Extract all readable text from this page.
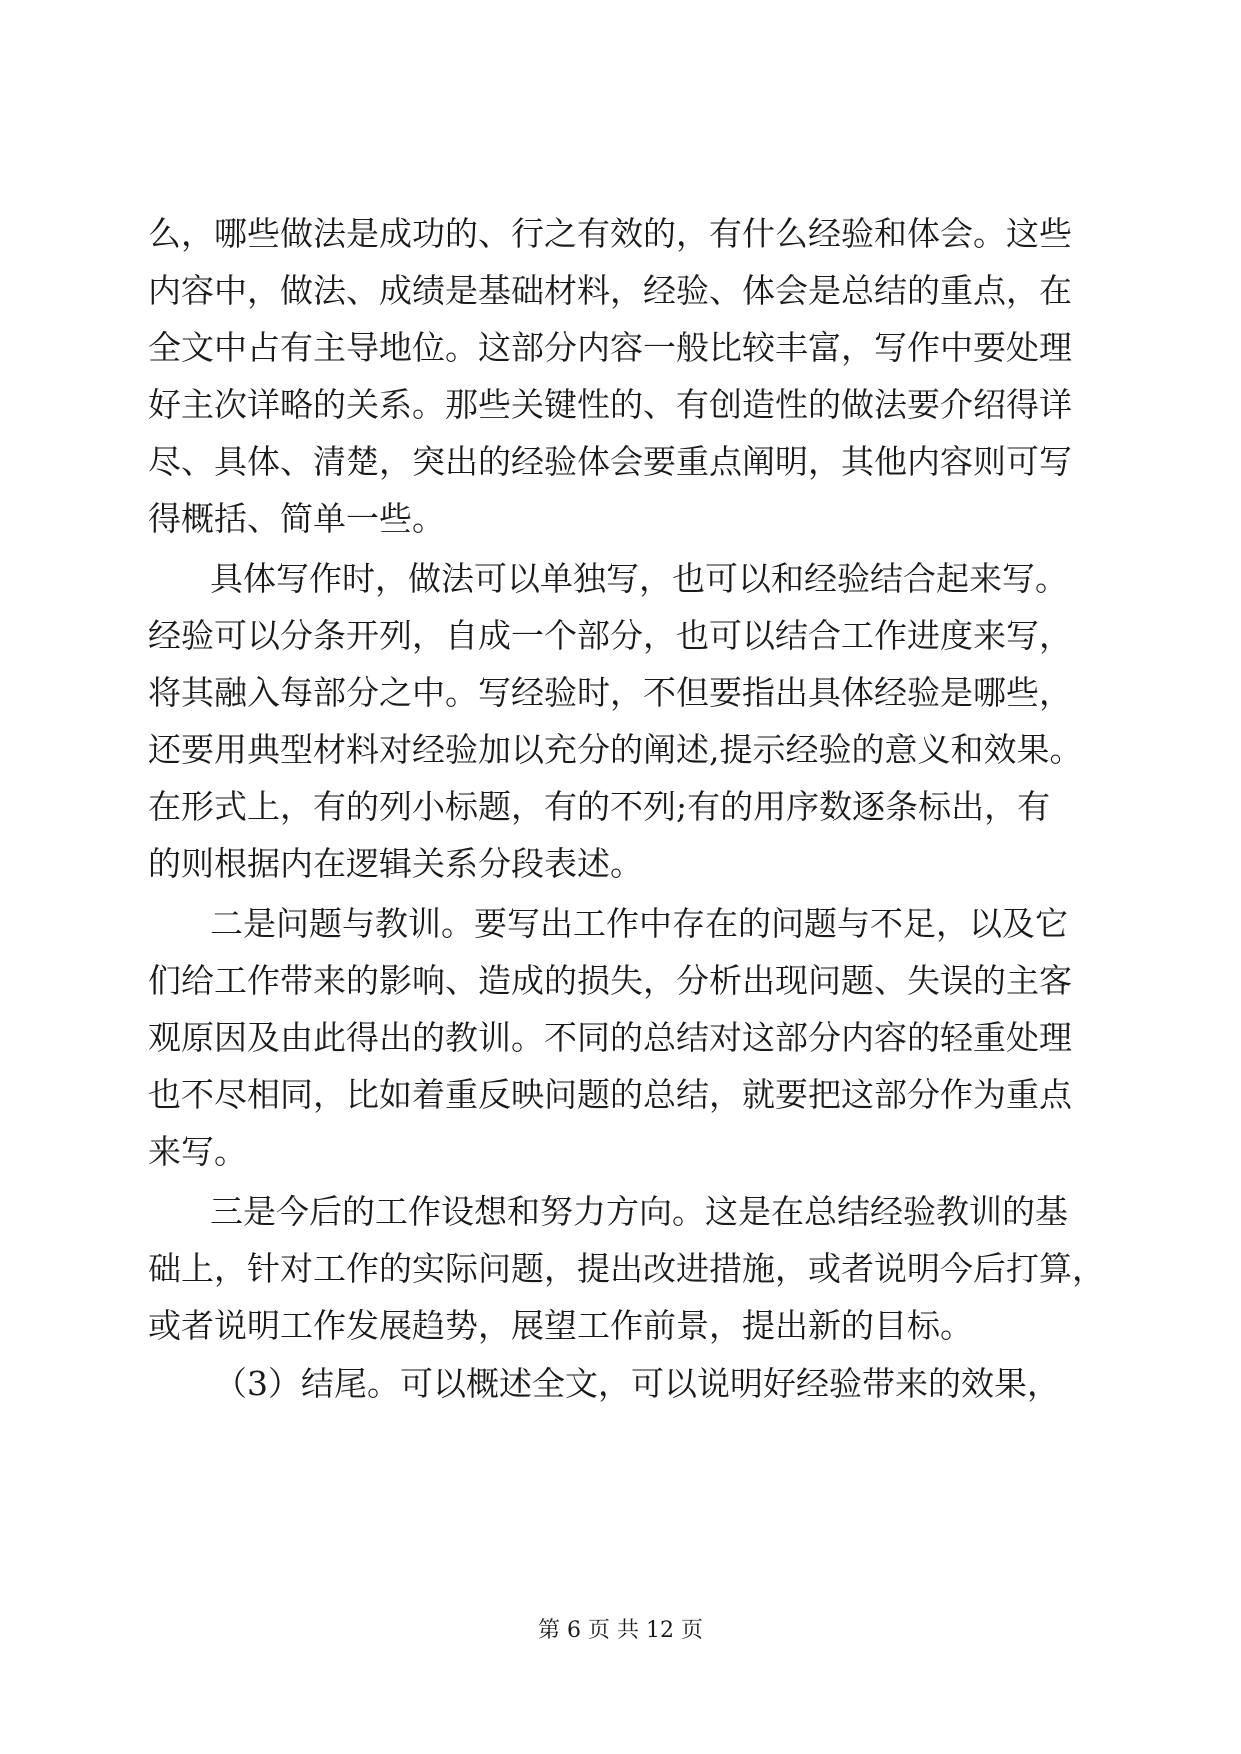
么，哪些做法是成功的、行之有效的，有什么经验和体会。这些
内容中，做法、成绩是基础材料，经验、体会是总结的重点，在
全文中占有主导地位。这部分内容一般比较丰富，写作中要处理
好主次详略的关系。那些关键性的、有创造性的做法要介绍得详
尽、具体、清楚，突出的经验体会要重点阐明，其他内容则可写
得概括、简单一些。
具体写作时，做法可以单独写，也可以和经验结合起来写。
经验可以分条开列，自成一个部分，也可以结合工作进度来写，
将其融入每部分之中。写经验时，不但要指出具体经验是哪些，
还要用典型材料对经验加以充分的阐述,提示经验的意义和效果。
在形式上，有的列小标题，有的不列;有的用序数逐条标出，有
的则根据内在逻辑关系分段表述。
二是问题与教训。要写出工作中存在的问题与不足，以及它
们给工作带来的影响、造成的损失，分析出现问题、失误的主客
观原因及由此得出的教训。不同的总结对这部分内容的轻重处理
也不尽相同，比如着重反映问题的总结，就要把这部分作为重点
来写。
三是今后的工作设想和努力方向。这是在总结经验教训的基
础上，针对工作的实际问题，提出改进措施，或者说明今后打算，
或者说明工作发展趋势，展望工作前景，提出新的目标。
（3）结尾。可以概述全文，可以说明好经验带来的效果，
第 6 页 共 12 页
